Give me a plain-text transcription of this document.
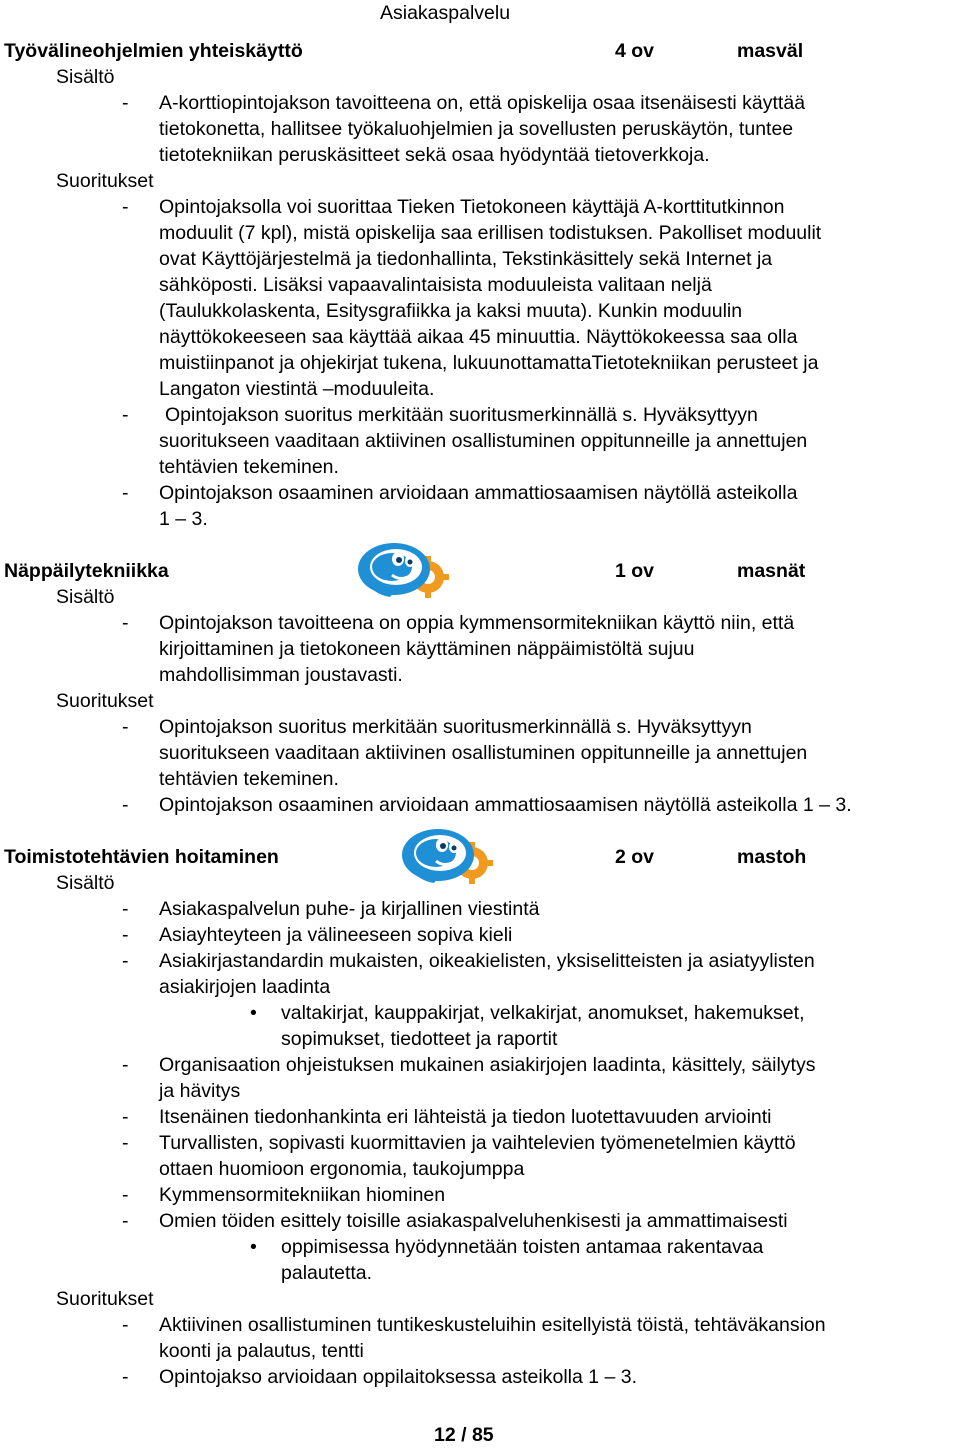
Asiakaspalvelu
Työvälineohjelmien yhteiskäyttö	4 ov	masväl
Sisältö
- A-korttiopintojakson tavoitteena on, että opiskelija osaa itsenäisesti käyttää
tietokonetta, hallitsee työkaluohjelmien ja sovellusten peruskäytön, tuntee
tietotekniikan peruskäsitteet sekä osaa hyödyntää tietoverkkoja.
Suoritukset
- Opintojaksolla voi suorittaa Tieken Tietokoneen käyttäjä A-korttitutkinnon
moduulit (7 kpl), mistä opiskelija saa erillisen todistuksen. Pakolliset moduulit
ovat Käyttöjärjestelmä ja tiedonhallinta, Tekstinkäsittely sekä Internet ja
sähköposti. Lisäksi vapaavalintaisista moduuleista valitaan neljä
(Taulukkolaskenta, Esitysgrafiikka ja kaksi muuta). Kunkin moduulin
näyttökokeeseen saa käyttää aikaa 45 minuuttia. Näyttökokeessa saa olla
muistiinpanot ja ohjekirjat tukena, lukuunottamattaTietotekniikan perusteet ja
Langaton viestintä –moduuleita.
- Opintojakson suoritus merkitään suoritusmerkinnällä s. Hyväksyttyyn
suoritukseen vaaditaan aktiivinen osallistuminen oppitunneille ja annettujen
tehtävien tekeminen.
- Opintojakson osaaminen arvioidaan ammattiosaamisen näytöllä asteikolla
1 – 3.
Näppäilytekniikka	1 ov	masnät
Sisältö
- Opintojakson tavoitteena on oppia kymmensormitekniikan käyttö niin, että
kirjoittaminen ja tietokoneen käyttäminen näppäimistöltä sujuu
mahdollisimman joustavasti.
Suoritukset
- Opintojakson suoritus merkitään suoritusmerkinnällä s. Hyväksyttyyn
suoritukseen vaaditaan aktiivinen osallistuminen oppitunneille ja annettujen
tehtävien tekeminen.
- Opintojakson osaaminen arvioidaan ammattiosaamisen näytöllä asteikolla 1 – 3.
Toimistotehtävien hoitaminen	2 ov	mastoh
Sisältö
- Asiakaspalvelun puhe- ja kirjallinen viestintä
- Asiayhteyteen ja välineeseen sopiva kieli
- Asiakirjastandardin mukaisten, oikeakielisten, yksiselitteisten ja asiatyylisten
asiakirjojen laadinta
• valtakirjat, kauppakirjat, velkakirjat, anomukset, hakemukset,
sopimukset, tiedotteet ja raportit
- Organisaation ohjeistuksen mukainen asiakirjojen laadinta, käsittely, säilytys
ja hävitys
- Itsenäinen tiedonhankinta eri lähteistä ja tiedon luotettavuuden arviointi
- Turvallisten, sopivasti kuormittavien ja vaihtelevien työmenetelmien käyttö
ottaen huomioon ergonomia, taukojumppa
- Kymmensormitekniikan hiominen
- Omien töiden esittely toisille asiakaspalveluhenkisesti ja ammattimaisesti
• oppimisessa hyödynnetään toisten antamaa rakentavaa
palautetta.
Suoritukset
- Aktiivinen osallistuminen tuntikeskusteluihin esitellyistä töistä, tehtäväkansion
koonti ja palautus, tentti
- Opintojakso arvioidaan oppilaitoksessa asteikolla 1 – 3.
12 / 85
